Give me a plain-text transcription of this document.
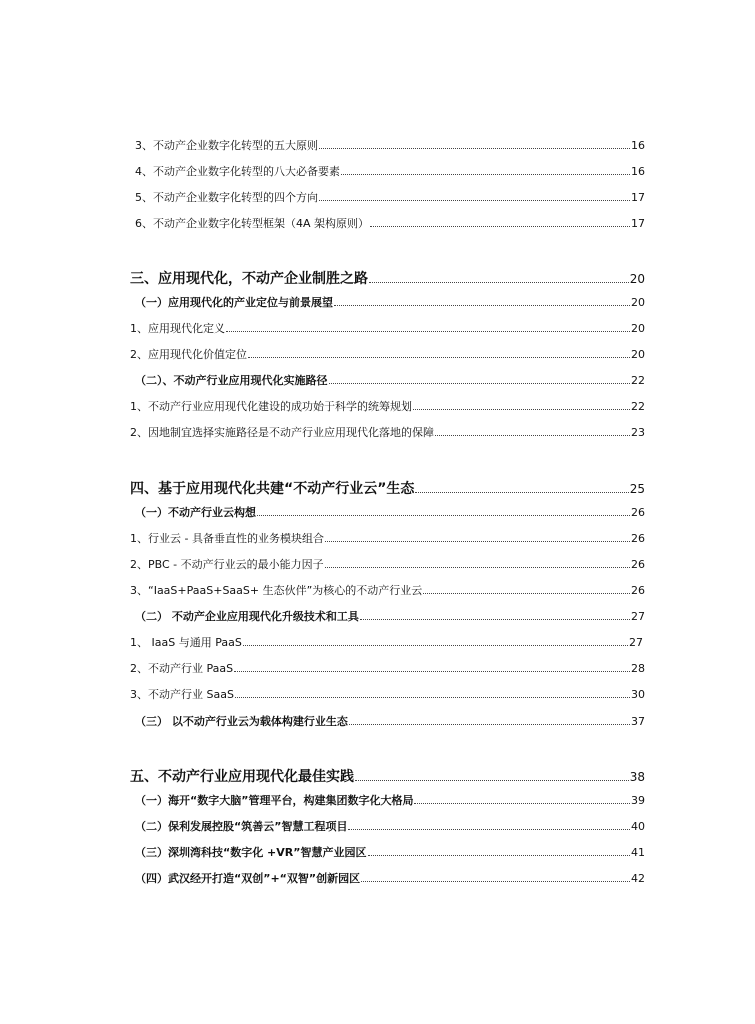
3、不动产企业数字化转型的五大原则	16
4、不动产企业数字化转型的八大必备要素	16
5、不动产企业数字化转型的四个方向	17
6、不动产企业数字化转型框架（4A 架构原则）	17
三、应用现代化，不动产企业制胜之路	20
（一）应用现代化的产业定位与前景展望	20
1、应用现代化定义	20
2、应用现代化价值定位	20
（二）、不动产行业应用现代化实施路径	22
1、不动产行业应用现代化建设的成功始于科学的统筹规划	22
2、因地制宜选择实施路径是不动产行业应用现代化落地的保障	23
四、基于应用现代化共建“不动产行业云”生态	25
（一）不动产行业云构想	26
1、行业云 - 具备垂直性的业务模块组合	26
2、PBC - 不动产行业云的最小能力因子	26
3、“IaaS+PaaS+SaaS+ 生态伙伴”为核心的不动产行业云	26
（二） 不动产企业应用现代化升级技术和工具	27
1、 IaaS 与通用 PaaS	27
2、不动产行业 PaaS	28
3、不动产行业 SaaS	30
（三） 以不动产行业云为载体构建行业生态	37
五、不动产行业应用现代化最佳实践	38
（一）海开“数字大脑”管理平台，构建集团数字化大格局	39
（二）保利发展控股“筑善云”智慧工程项目	40
（三）深圳湾科技“数字化 +VR”智慧产业园区	41
（四）武汉经开打造“双创”+“双智”创新园区	42
